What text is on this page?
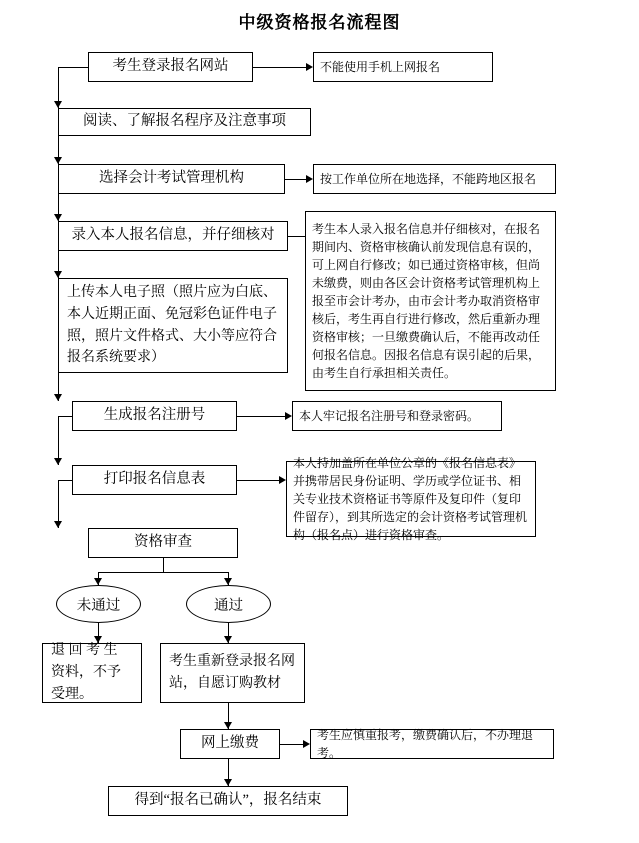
中级资格报名流程图
考生登录报名网站	不能使用手机上网报名
阅读、了解报名程序及注意事项
选择会计考试管理机构	按工作单位所在地选择，不能跨地区报名
录入本人报名信息，并仔细核对	考生本人录入报名信息并仔细核对，在报名期间内、资格审核确认前发现信息有误的，可上网自行修改；如已通过资格审核，但尚未缴费，则由各区会计资格考试管理机构上报至市会计考办，由市会计考办取消资格审核后，考生再自行进行修改，然后重新办理资格审核；一旦缴费确认后，不能再改动任何报名信息。因报名信息有误引起的后果，由考生自行承担相关责任。
上传本人电子照（照片应为白底、本人近期正面、免冠彩色证件电子照，照片文件格式、大小等应符合报名系统要求）
生成报名注册号	本人牢记报名注册号和登录密码。
打印报名信息表
本人持加盖所在单位公章的《报名信息表》并携带居民身份证明、学历或学位证书、相关专业技术资格证书等原件及复印件（复印件留存），到其所选定的会计资格考试管理机构（报名点）进行资格审查。
资格审查
未通过	通过
退 回 考 生 资料，不予 受理。
考生重新登录报名网站，自愿订购教材
网上缴费
考生应慎重报考，缴费确认后，不办理退考。
得到“报名已确认”，报名结束
